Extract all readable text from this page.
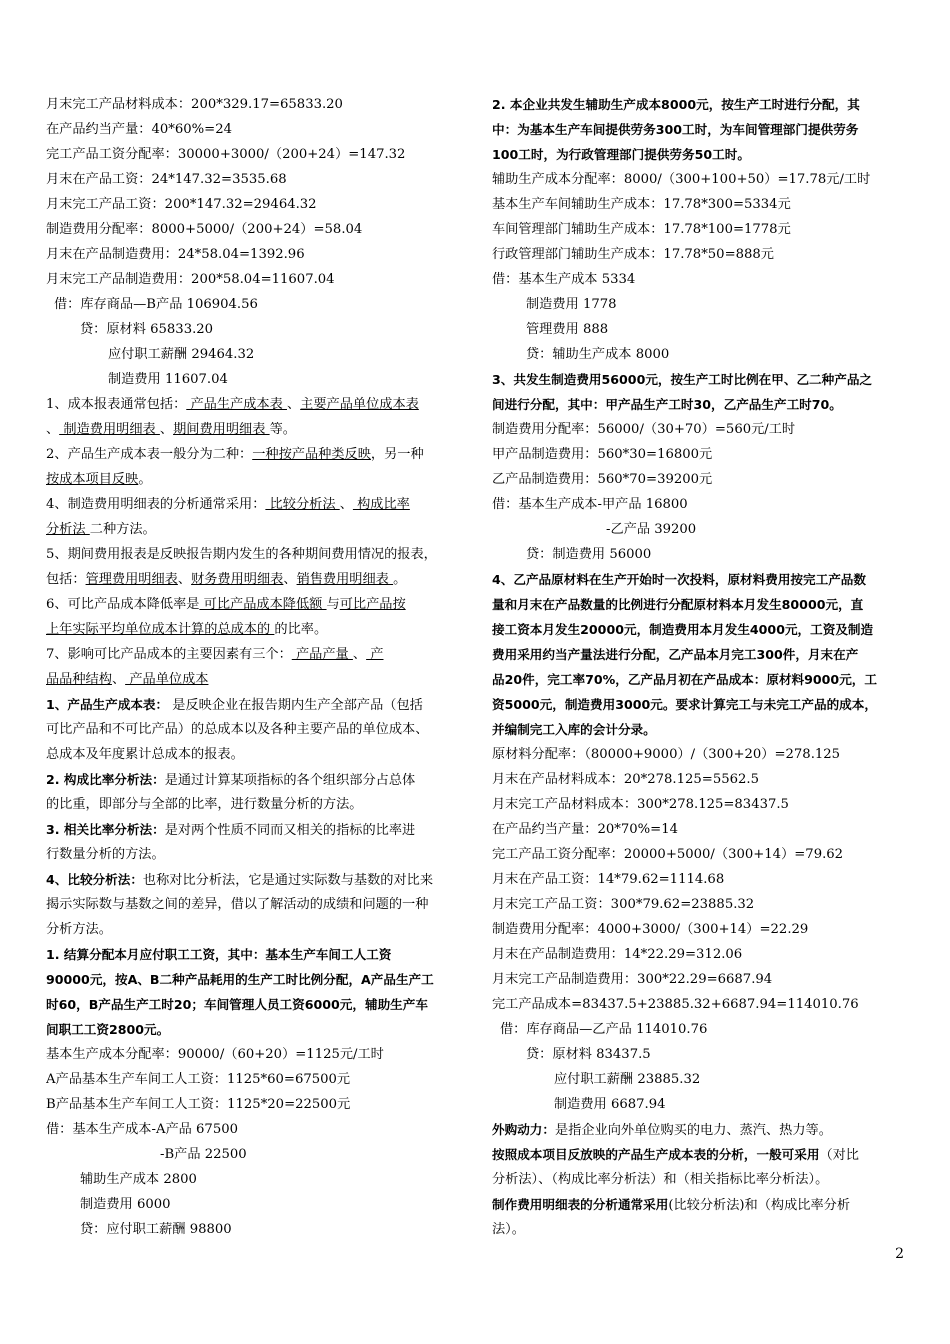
月末完工产品材料成本：200*329.17=65833.20
在产品约当产量：40*60%=24
完工产品工资分配率：30000+3000/（200+24）=147.32
月末在产品工资：24*147.32=3535.68
月末完工产品工资：200*147.32=29464.32
制造费用分配率：8000+5000/（200+24）=58.04
月末在产品制造费用：24*58.04=1392.96
月末完工产品制造费用：200*58.04=11607.04
借：库存商品—B产品 106904.56
贷：原材料 65833.20
应付职工薪酬 29464.32
制造费用 11607.04
1、成本报表通常包括： 产品生产成本表 、主要产品单位成本表
、 制造费用明细表 、期间费用明细表 等。
2、产品生产成本表一般分为二种：一种按产品种类反映，另一种
按成本项目反映。
4、制造费用明细表的分析通常采用： 比较分析法 、 构成比率
分析法 二种方法。
5、期间费用报表是反映报告期内发生的各种期间费用情况的报表，
包括：管理费用明细表、财务费用明细表、销售费用明细表 。
6、可比产品成本降低率是 可比产品成本降低额 与可比产品按
上年实际平均单位成本计算的总成本的 的比率。
7、影响可比产品成本的主要因素有三个： 产品产量 、 产
品品种结构、 产品单位成本
1、产品生产成本表： 是反映企业在报告期内生产全部产品（包括
可比产品和不可比产品）的总成本以及各种主要产品的单位成本、
总成本及年度累计总成本的报表。
2. 构成比率分析法：是通过计算某项指标的各个组织部分占总体
的比重，即部分与全部的比率，进行数量分析的方法。
3. 相关比率分析法：是对两个性质不同而又相关的指标的比率进
行数量分析的方法。
4、比较分析法：也称对比分析法，它是通过实际数与基数的对比来
揭示实际数与基数之间的差异，借以了解活动的成绩和问题的一种
分析方法。
1. 结算分配本月应付职工工资，其中：基本生产车间工人工资
90000元，按A、B二种产品耗用的生产工时比例分配，A产品生产工
时60，B产品生产工时20；车间管理人员工资6000元，辅助生产车
间职工工资2800元。
基本生产成本分配率：90000/（60+20）=1125元/工时
A产品基本生产车间工人工资：1125*60=67500元
B产品基本生产车间工人工资：1125*20=22500元
借：基本生产成本-A产品 67500
-B产品 22500
辅助生产成本 2800
制造费用 6000
贷：应付职工薪酬 98800
2. 本企业共发生辅助生产成本8000元，按生产工时进行分配，其
中：为基本生产车间提供劳务300工时，为车间管理部门提供劳务
100工时，为行政管理部门提供劳务50工时。
辅助生产成本分配率：8000/（300+100+50）=17.78元/工时
基本生产车间辅助生产成本：17.78*300=5334元
车间管理部门辅助生产成本：17.78*100=1778元
行政管理部门辅助生产成本：17.78*50=888元
借：基本生产成本 5334
制造费用 1778
管理费用 888
贷：辅助生产成本 8000
3、共发生制造费用56000元，按生产工时比例在甲、乙二种产品之
间进行分配，其中：甲产品生产工时30，乙产品生产工时70。
制造费用分配率：56000/（30+70）=560元/工时
甲产品制造费用：560*30=16800元
乙产品制造费用：560*70=39200元
借：基本生产成本-甲产品 16800
-乙产品 39200
贷：制造费用 56000
4、乙产品原材料在生产开始时一次投料，原材料费用按完工产品数
量和月末在产品数量的比例进行分配原材料本月发生80000元，直
接工资本月发生20000元，制造费用本月发生4000元，工资及制造
费用采用约当产量法进行分配，乙产品本月完工300件，月末在产
品20件，完工率70%，乙产品月初在产品成本：原材料9000元，工
资5000元，制造费用3000元。要求计算完工与未完工产品的成本，
并编制完工入库的会计分录。
原材料分配率：（80000+9000）/（300+20）=278.125
月末在产品材料成本：20*278.125=5562.5
月末完工产品材料成本：300*278.125=83437.5
在产品约当产量：20*70%=14
完工产品工资分配率：20000+5000/（300+14）=79.62
月末在产品工资：14*79.62=1114.68
月末完工产品工资：300*79.62=23885.32
制造费用分配率：4000+3000/（300+14）=22.29
月末在产品制造费用：14*22.29=312.06
月末完工产品制造费用：300*22.29=6687.94
完工产品成本=83437.5+23885.32+6687.94=114010.76
借：库存商品—乙产品 114010.76
贷：原材料 83437.5
应付职工薪酬 23885.32
制造费用 6687.94
外购动力：是指企业向外单位购买的电力、蒸汽、热力等。
按照成本项目反放映的产品生产成本表的分析，一般可采用（对比
分析法）、（构成比率分析法）和（相关指标比率分析法）。
制作费用明细表的分析通常采用(比较分析法)和（构成比率分析
法）。
2
